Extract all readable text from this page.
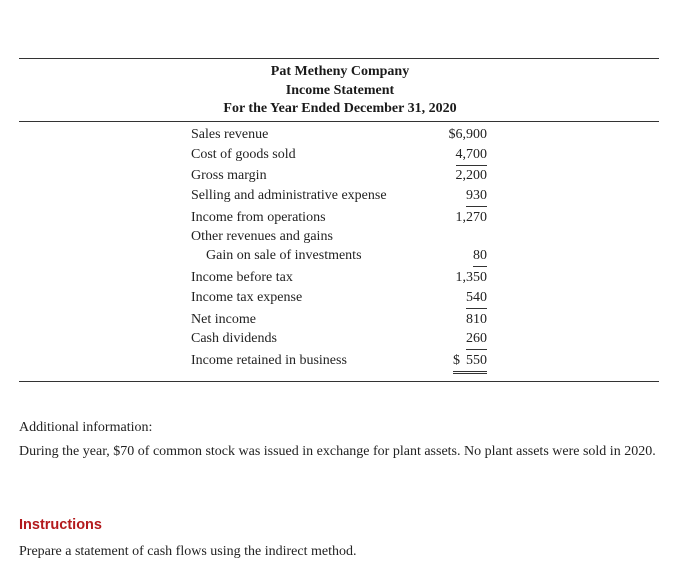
Pat Metheny Company
Income Statement
For the Year Ended December 31, 2020
Sales revenue	$6,900
Cost of goods sold	4,700
Gross margin	2,200
Selling and administrative expense	930
Income from operations	1,270
Other revenues and gains
Gain on sale of investments	80
Income before tax	1,350
Income tax expense	540
Net income	810
Cash dividends	260
Income retained in business	$ 550
Additional information:
During the year, $70 of common stock was issued in exchange for plant assets. No plant assets were sold in 2020.
Instructions
Prepare a statement of cash flows using the indirect method.
